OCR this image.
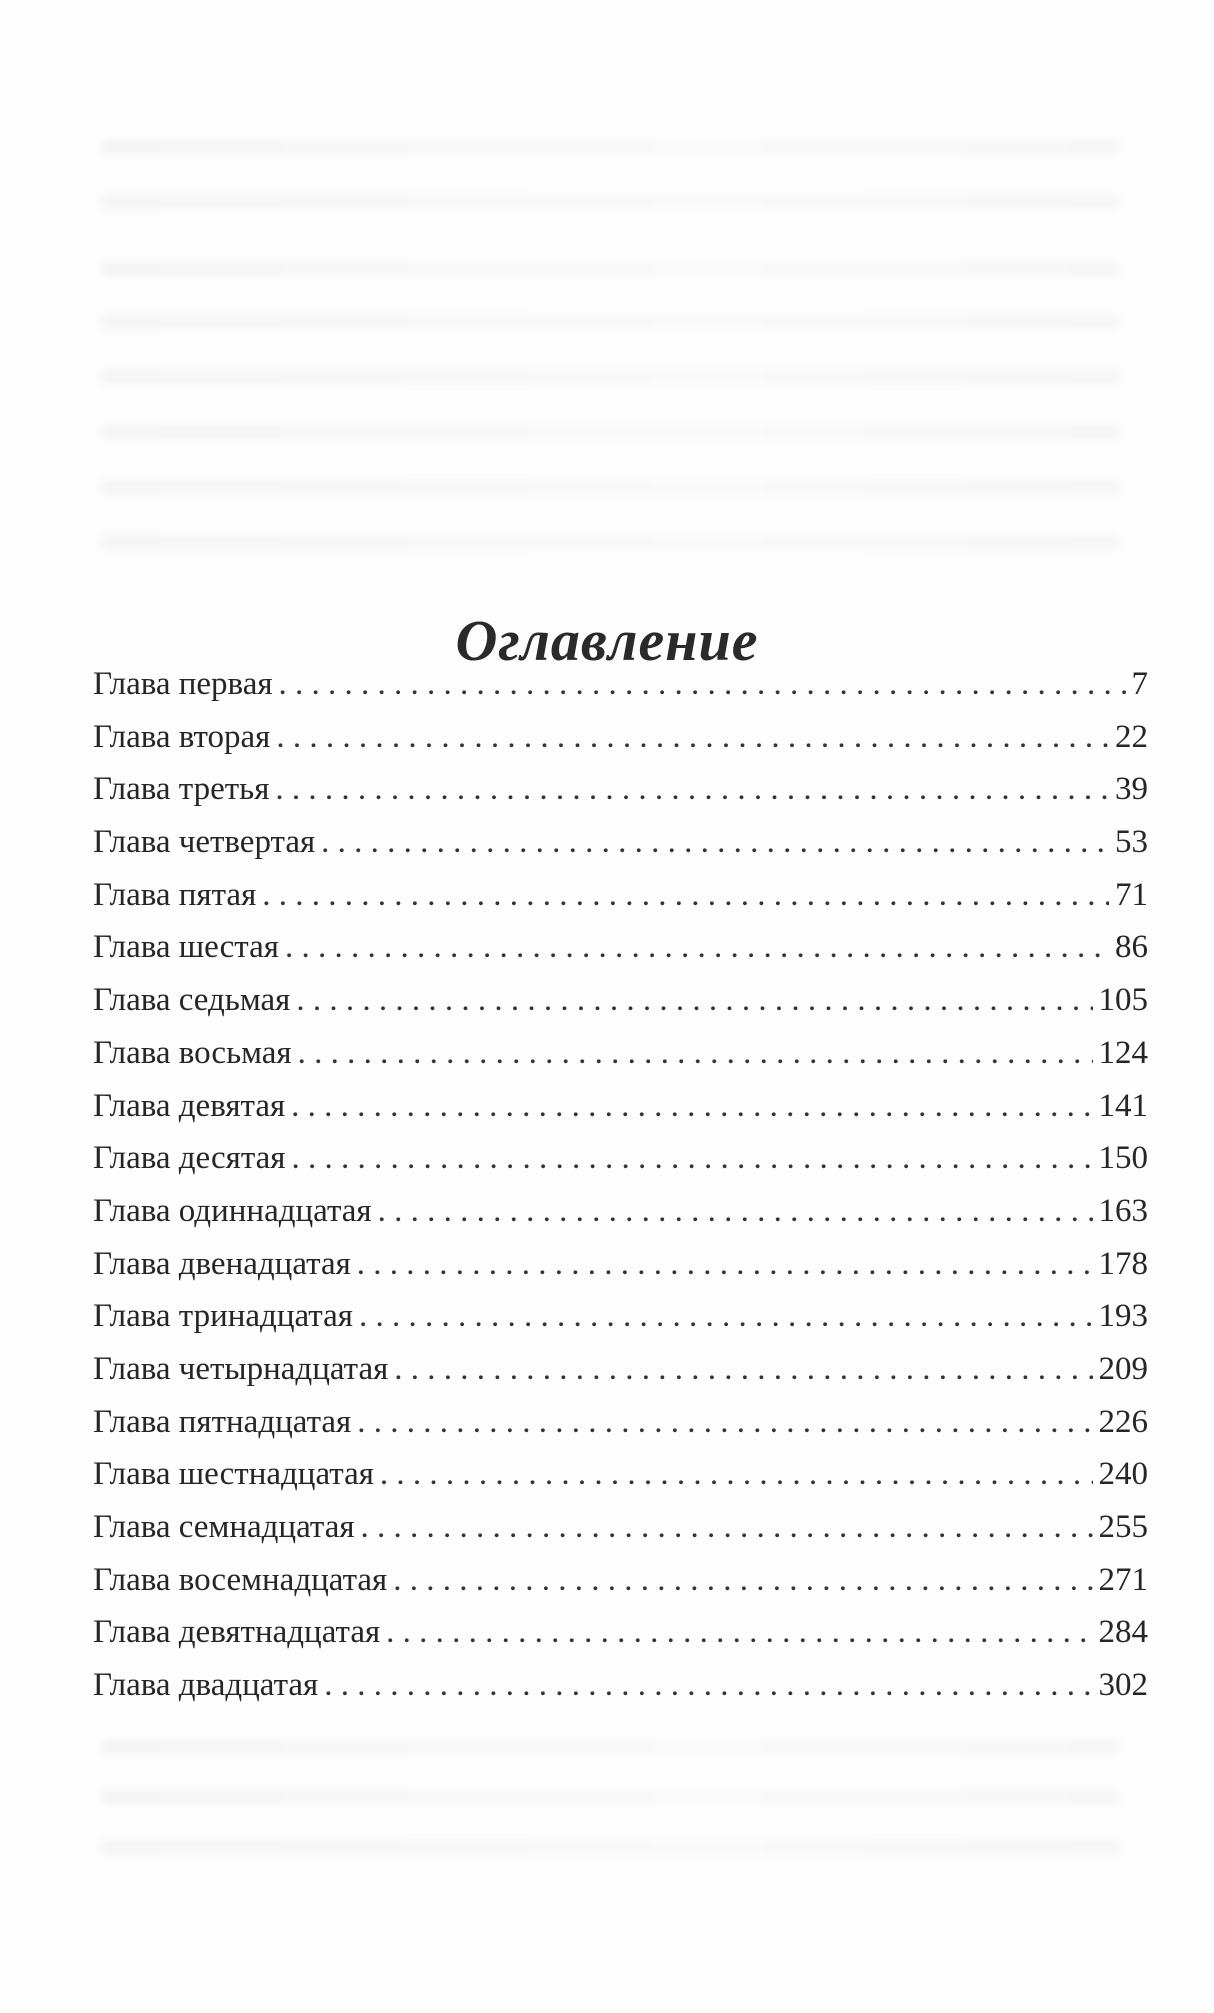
Оглавление
Глава первая . . .	7
Глава вторая . . .	22
Глава третья . . .	39
Глава четвертая . . .	53
Глава пятая . . .	71
Глава шестая . . .	86
Глава седьмая . . .	105
Глава восьмая . . .	124
Глава девятая . . .	141
Глава десятая . . .	150
Глава одиннадцатая . . .	163
Глава двенадцатая . . .	178
Глава тринадцатая . . .	193
Глава четырнадцатая . . .	209
Глава пятнадцатая . . .	226
Глава шестнадцатая . . .	240
Глава семнадцатая . . .	255
Глава восемнадцатая . . .	271
Глава девятнадцатая . . .	284
Глава двадцатая . . .	302
